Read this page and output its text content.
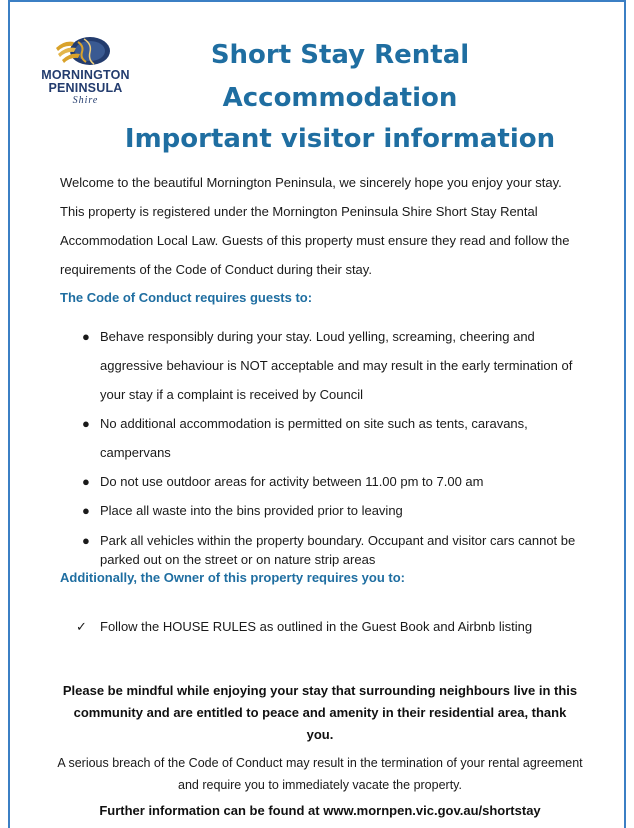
MORNINGTON
PENINSULA
Shire
Short Stay Rental
Accommodation
Important visitor information
Welcome to the beautiful Mornington Peninsula, we sincerely hope you enjoy your stay. This property is registered under the Mornington Peninsula Shire Short Stay Rental Accommodation Local Law. Guests of this property must ensure they read and follow the requirements of the Code of Conduct during their stay.
The Code of Conduct requires guests to:
● Behave responsibly during your stay. Loud yelling, screaming, cheering and aggressive behaviour is NOT acceptable and may result in the early termination of your stay if a complaint is received by Council
● No additional accommodation is permitted on site such as tents, caravans, campervans
● Do not use outdoor areas for activity between 11.00 pm to 7.00 am
● Place all waste into the bins provided prior to leaving
● Park all vehicles within the property boundary. Occupant and visitor cars cannot be parked out on the street or on nature strip areas
Additionally, the Owner of this property requires you to:
✓ Follow the HOUSE RULES as outlined in the Guest Book and Airbnb listing
Please be mindful while enjoying your stay that surrounding neighbours live in this community and are entitled to peace and amenity in their residential area, thank you.
A serious breach of the Code of Conduct may result in the termination of your rental agreement and require you to immediately vacate the property.
Further information can be found at www.mornpen.vic.gov.au/shortstay
